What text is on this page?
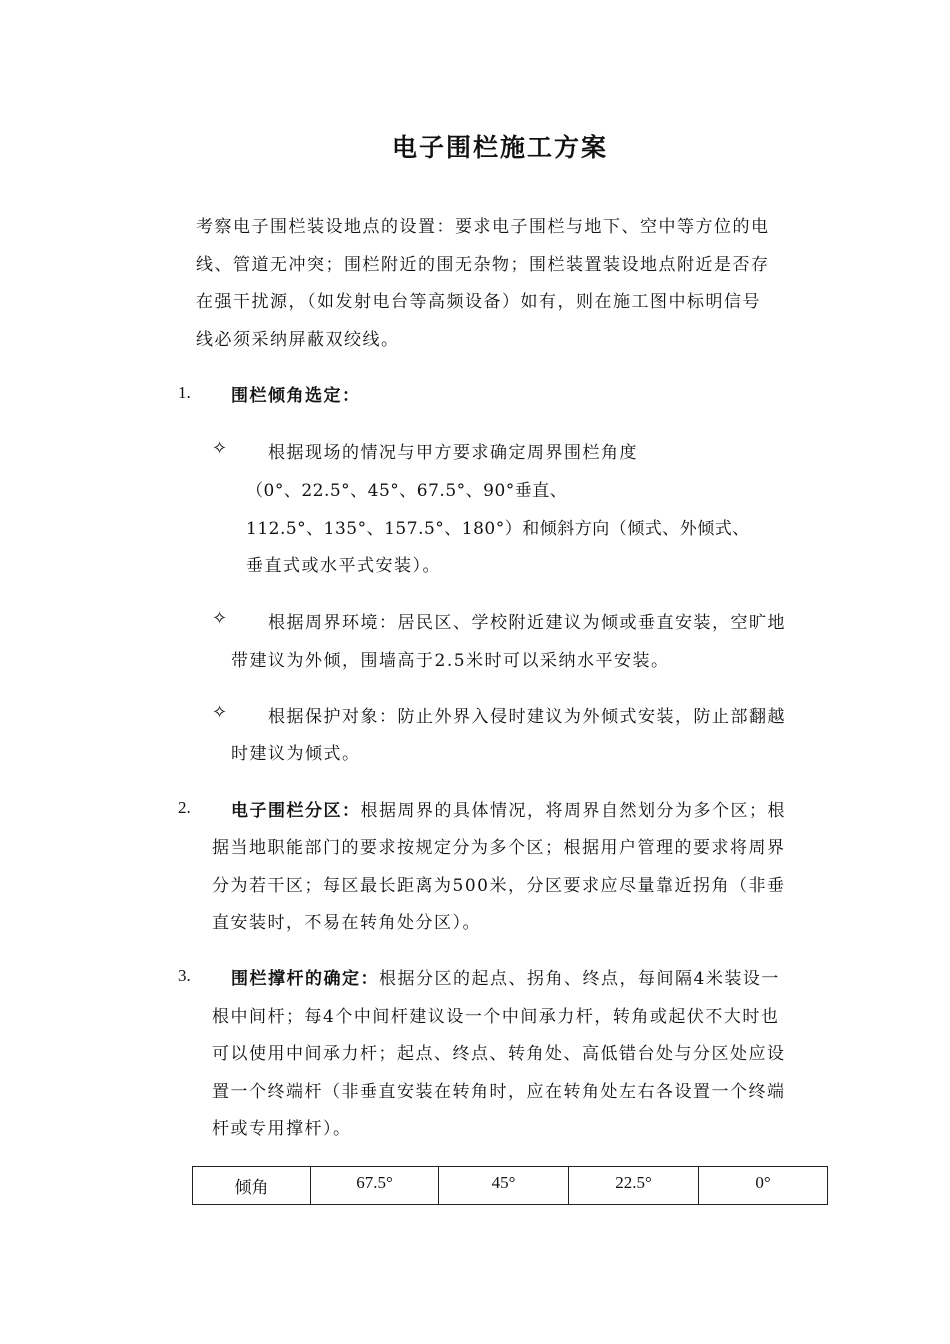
电子围栏施工方案
考察电子围栏装设地点的设置：要求电子围栏与地下、空中等方位的电
线、管道无冲突；围栏附近的围无杂物；围栏装置装设地点附近是否存
在强干扰源，（如发射电台等高频设备）如有，则在施工图中标明信号
线必须采纳屏蔽双绞线。
1. 围栏倾角选定：
✧ 根据现场的情况与甲方要求确定周界围栏角度
（0°、22.5°、45°、67.5°、90°垂直、
112.5°、135°、157.5°、180°）和倾斜方向（倾式、外倾式、
垂直式或水平式安装）。
✧ 根据周界环境：居民区、学校附近建议为倾或垂直安装，空旷地
带建议为外倾，围墙高于2.5米时可以采纳水平安装。
✧ 根据保护对象：防止外界入侵时建议为外倾式安装，防止部翻越
时建议为倾式。
2. 电子围栏分区：根据周界的具体情况，将周界自然划分为多个区；根
据当地职能部门的要求按规定分为多个区；根据用户管理的要求将周界
分为若干区；每区最长距离为500米，分区要求应尽量靠近拐角（非垂
直安装时，不易在转角处分区）。
3. 围栏撑杆的确定：根据分区的起点、拐角、终点，每间隔4米装设一
根中间杆；每4个中间杆建议设一个中间承力杆，转角或起伏不大时也
可以使用中间承力杆；起点、终点、转角处、高低错台处与分区处应设
置一个终端杆（非垂直安装在转角时，应在转角处左右各设置一个终端
杆或专用撑杆）。
倾角	67.5°	45°	22.5°	0°
